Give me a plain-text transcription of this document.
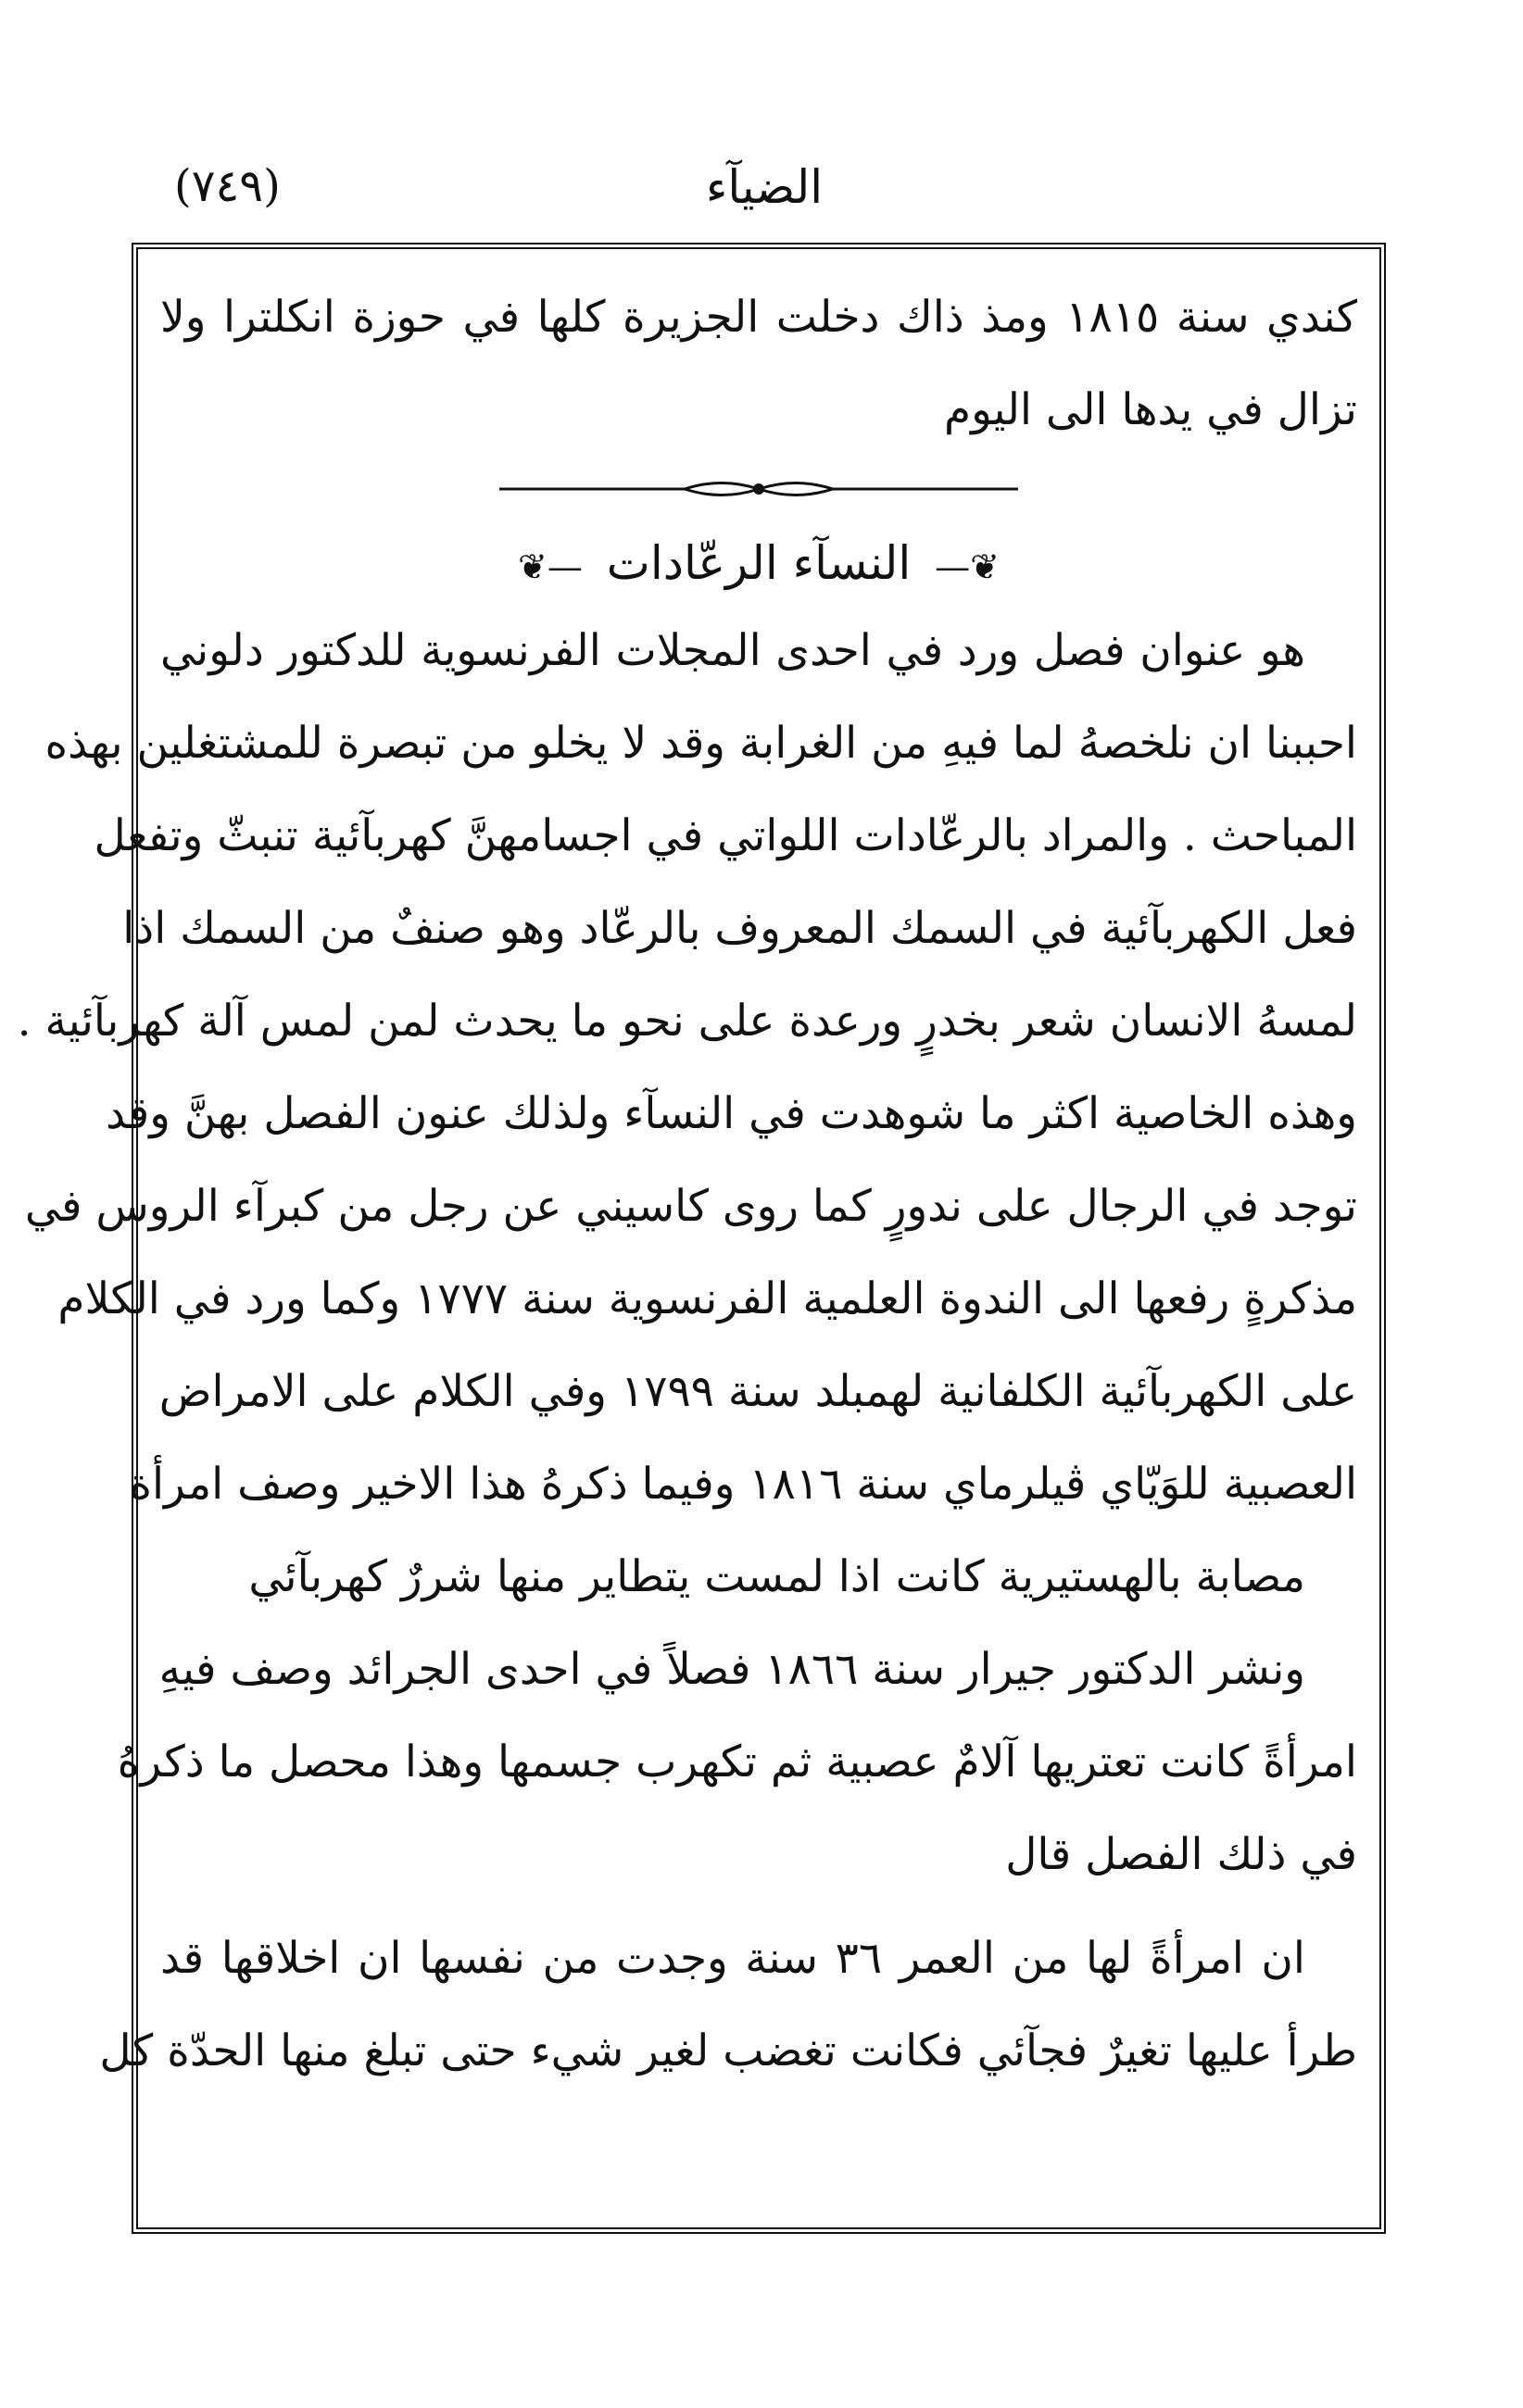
الضيآء
(٧٤٩)
كندي سنة ١٨١٥ ومذ ذاك دخلت الجزيرة كلها في حوزة انكلترا ولا
تزال في يدها الى اليوم
❦— النسآء الرعّادات —❦
هو عنوان فصل ورد في احدى المجلات الفرنسوية للدكتور دلوني
احببنا ان نلخصهُ لما فيهِ من الغرابة وقد لا يخلو من تبصرة للمشتغلين بهذه
المباحث . والمراد بالرعّادات اللواتي في اجسامهنَّ كهربآئية تنبثّ وتفعل
فعل الكهربآئية في السمك المعروف بالرعّاد وهو صنفٌ من السمك اذا
لمسهُ الانسان شعر بخدرٍ ورعدة على نحو ما يحدث لمن لمس آلة كهربآئية .
وهذه الخاصية اكثر ما شوهدت في النسآء ولذلك عنون الفصل بهنَّ وقد
توجد في الرجال على ندورٍ كما روى كاسيني عن رجل من كبرآء الروس في
مذكرةٍ رفعها الى الندوة العلمية الفرنسوية سنة ١٧٧٧ وكما ورد في الكلام
على الكهربآئية الكلفانية لهمبلد سنة ١٧٩٩ وفي الكلام على الامراض
العصبية للوَيّاي ڤيلرماي سنة ١٨١٦ وفيما ذكرهُ هذا الاخير وصف امرأة
مصابة بالهستيرية كانت اذا لمست يتطاير منها شررٌ كهربآئي
ونشر الدكتور جيرار سنة ١٨٦٦ فصلاً في احدى الجرائد وصف فيهِ
امرأةً كانت تعتريها آلامٌ عصبية ثم تكهرب جسمها وهذا محصل ما ذكرهُ
في ذلك الفصل قال
ان امرأةً لها من العمر ٣٦ سنة وجدت من نفسها ان اخلاقها قد
طرأ عليها تغيرٌ فجآئي فكانت تغضب لغير شيء حتى تبلغ منها الحدّة كل
